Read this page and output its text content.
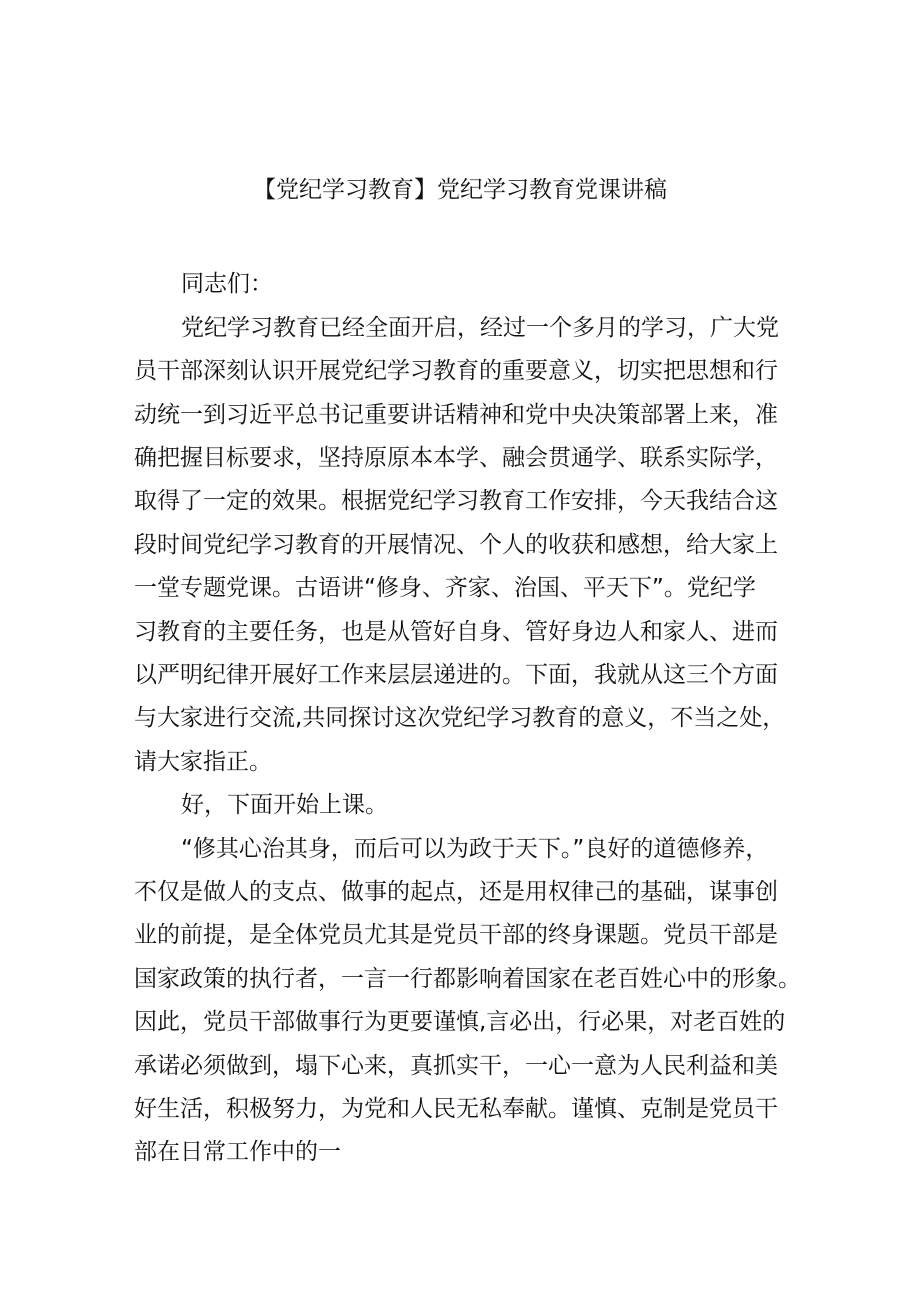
【党纪学习教育】党纪学习教育党课讲稿
同志们：
党纪学习教育已经全面开启，经过一个多月的学习，广大党
员干部深刻认识开展党纪学习教育的重要意义，切实把思想和行
动统一到习近平总书记重要讲话精神和党中央决策部署上来，准
确把握目标要求，坚持原原本本学、融会贯通学、联系实际学，
取得了一定的效果。根据党纪学习教育工作安排，今天我结合这
段时间党纪学习教育的开展情况、个人的收获和感想，给大家上
一堂专题党课。古语讲“修身、齐家、治国、平天下”。党纪学
习教育的主要任务，也是从管好自身、管好身边人和家人、进而
以严明纪律开展好工作来层层递进的。下面，我就从这三个方面
与大家进行交流,共同探讨这次党纪学习教育的意义，不当之处，
请大家指正。
好，下面开始上课。
“修其心治其身，而后可以为政于天下。”良好的道德修养，
不仅是做人的支点、做事的起点，还是用权律己的基础，谋事创
业的前提，是全体党员尤其是党员干部的终身课题。党员干部是
国家政策的执行者，一言一行都影响着国家在老百姓心中的形象。
因此，党员干部做事行为更要谨慎,言必出，行必果，对老百姓的
承诺必须做到，塌下心来，真抓实干，一心一意为人民利益和美
好生活，积极努力，为党和人民无私奉献。谨慎、克制是党员干
部在日常工作中的一
